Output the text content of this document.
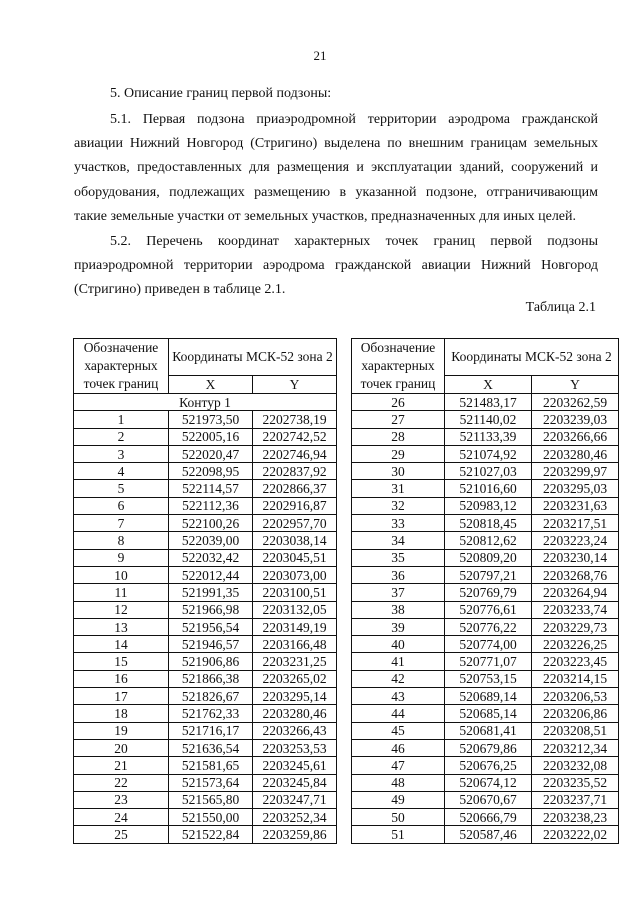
21
5. Описание границ первой подзоны:
5.1. Первая подзона приаэродромной территории аэродрома гражданской
авиации Нижний Новгород (Стригино) выделена по внешним границам земельных
участков, предоставленных для размещения и эксплуатации зданий, сооружений и
оборудования, подлежащих размещению в указанной подзоне, отграничивающим
такие земельные участки от земельных участков, предназначенных для иных целей.
5.2. Перечень координат характерных точек границ первой подзоны
приаэродромной территории аэродрома гражданской авиации Нижний Новгород
(Стригино) приведен в таблице 2.1.
Таблица 2.1
Обозначение характерных точек границ	Координаты МСК-52 зона 2	
	X	Y
Контур 1		
1	521973,50	2202738,19
2	522005,16	2202742,52
3	522020,47	2202746,94
4	522098,95	2202837,92
5	522114,57	2202866,37
6	522112,36	2202916,87
7	522100,26	2202957,70
8	522039,00	2203038,14
9	522032,42	2203045,51
10	522012,44	2203073,00
11	521991,35	2203100,51
12	521966,98	2203132,05
13	521956,54	2203149,19
14	521946,57	2203166,48
15	521906,86	2203231,25
16	521866,38	2203265,02
17	521826,67	2203295,14
18	521762,33	2203280,46
19	521716,17	2203266,43
20	521636,54	2203253,53
21	521581,65	2203245,61
22	521573,64	2203245,84
23	521565,80	2203247,71
24	521550,00	2203252,34
25	521522,84	2203259,86
Обозначение характерных точек границ	Координаты МСК-52 зона 2	
	X	Y
26	521483,17	2203262,59
27	521140,02	2203239,03
28	521133,39	2203266,66
29	521074,92	2203280,46
30	521027,03	2203299,97
31	521016,60	2203295,03
32	520983,12	2203231,63
33	520818,45	2203217,51
34	520812,62	2203223,24
35	520809,20	2203230,14
36	520797,21	2203268,76
37	520769,79	2203264,94
38	520776,61	2203233,74
39	520776,22	2203229,73
40	520774,00	2203226,25
41	520771,07	2203223,45
42	520753,15	2203214,15
43	520689,14	2203206,53
44	520685,14	2203206,86
45	520681,41	2203208,51
46	520679,86	2203212,34
47	520676,25	2203232,08
48	520674,12	2203235,52
49	520670,67	2203237,71
50	520666,79	2203238,23
51	520587,46	2203222,02
